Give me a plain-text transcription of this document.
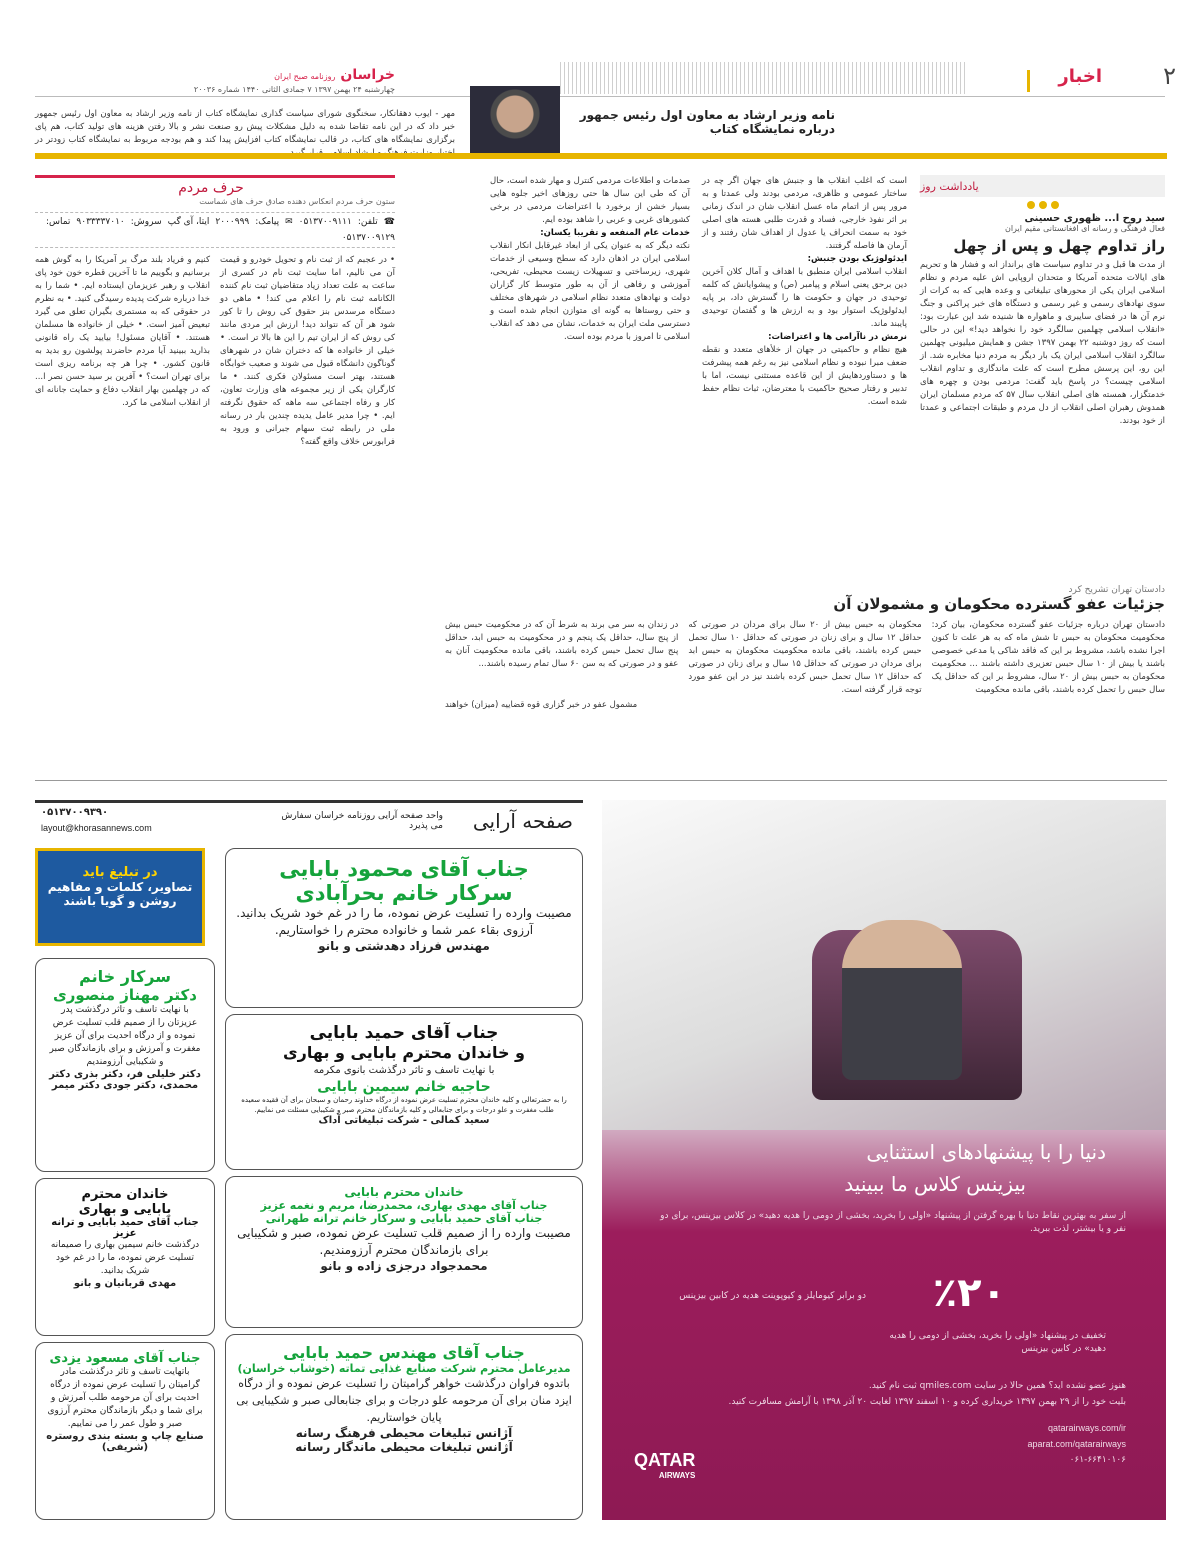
۲
اخبار
خراسان روزنامه صبح ایران
چهارشنبه ۲۴ بهمن ۱۳۹۷ ۷ جمادی الثانی ۱۴۴۰ شماره ۲۰۰۳۶
نامه وزیر ارشاد به معاون اول رئیس جمهور
درباره نمایشگاه کتاب
مهر - ایوب دهقانکار، سخنگوی شورای سیاست گذاری نمایشگاه کتاب از نامه وزیر ارشاد به معاون اول رئیس جمهور خبر داد که در این نامه تقاضا شده به دلیل مشکلات پیش رو صنعت نشر و بالا رفتن هزینه های تولید کتاب، هم پای برگزاری نمایشگاه های کتاب، در قالب نمایشگاه کتاب افزایش پیدا کند و هم بودجه مربوط به نمایشگاه کتاب زودتر در
یادداشت روز
سید روح ا... ظهوری حسینی
فعال فرهنگی و رسانه ای افغانستانی مقیم ایران
راز تداوم چهل و پس از چهل
از مدت ها قبل و در تداوم سیاست های برانداز انه و فشار ها و تحریم های ایالات متحده آمریکا و متحدان اروپایی اش علیه مردم و نظام اسلامی ایران یکی از محورهای تبلیغاتی و وعده هایی که به کرات از سوی نهادهای رسمی و غیر رسمی و دستگاه های خبر پراکنی و جنگ نرم آن ها در فضای سایبری و ماهواره ها شنیده شد این عبارت بود: «انقلاب اسلامی چهلمین سالگرد خود را نخواهد دید!» این در حالی است که روز دوشنبه ۲۲ بهمن ۱۳۹۷ جشن و همایش میلیونی چهلمین سالگرد انقلاب اسلامی ایران یک بار دیگر به مردم دنیا مخابره شد. از این رو، این پرسش مطرح است که علت ماندگاری و تداوم انقلاب اسلامی چیست؟ در پاسخ باید گفت: مردمی بودن و چهره های خدمتگزار، همسته های اصلی انقلاب سال ۵۷ که مردم مسلمان ایران همدوش رهبران اصلی انقلاب از دل مردم و طبقات اجتماعی و عمدتا از خود بودند.
است که اغلب انقلاب ها و جنبش های جهان اگر چه در ساختار عمومی و ظاهری، مردمی بودند ولی عمدتا و به مرور پس از اتمام ماه عسل انقلاب شان در اندک زمانی بر اثر نفوذ خارجی، فساد و قدرت طلبی هسته های اصلی خود به سمت انحراف یا عدول از اهداف شان رفتند و از آرمان ها فاصله گرفتند.
ایدئولوژیک بودن جنبش:
انقلاب اسلامی ایران منطبق با اهداف و آمال کلان آخرین دین برحق یعنی اسلام و پیامبر (ص) و پیشوایانش که کلمه توحیدی در جهان و حکومت ها را گسترش داد، بر پایه ایدئولوژیک استوار بود و به ارزش ها و گفتمان توحیدی پایبند ماند.
نرمش در ناآرامی ها و اعتراضات:
هیچ نظام و حاکمیتی در جهان از خلأهای متعدد و نقطه ضعف مبرا نبوده و نظام اسلامی نیز به رغم همه پیشرفت ها و دستاوردهایش از این قاعده مستثنی نیست، اما با تدبیر و رفتار صحیح حاکمیت با معترضان، ثبات نظام حفظ شده است.
صدمات و اطلاعات مردمی کنترل و مهار شده است، حال آن که طی این سال ها حتی روزهای اخیر جلوه هایی بسیار خشن از برخورد با اعتراضات مردمی در برخی کشورهای غربی و عربی را شاهد بوده ایم.
خدمات عام المنفعه و تقریبا یکسان:
نکته دیگر که به عنوان یکی از ابعاد غیرقابل انکار انقلاب اسلامی ایران در اذهان دارد که سطح وسیعی از خدمات شهری، زیرساختی و تسهیلات زیست محیطی، تفریحی، آموزشی و رفاهی از آن به طور متوسط کار گزاران دولت و نهادهای متعدد نظام اسلامی در شهرهای مختلف و حتی روستاها به گونه ای متوازن انجام شده است و دسترسی ملت ایران به خدمات، نشان می دهد که انقلاب اسلامی تا امروز با مردم بوده است.
حرف مردم
ستون حرف مردم انعکاس دهنده صادق حرف های شماست
☎
تلفن:
۰۵۱۳۷۰۰۹۱۱۱
✉
پیامک:
۲۰۰۰۹۹۹
ایتا، آی گپ
سروش:
۹۰۳۳۳۳۷۰۱۰
تماس:
۰۵۱۳۷۰۰۹۱۲۹
• در عجبم که از ثبت نام و تحویل خودرو و قیمت آن می نالیم، اما سایت ثبت نام در کسری از ساعت به علت تعداد زیاد متقاضیان ثبت نام کننده الکانامه ثبت نام را اعلام می کند! • ماهی دو دستگاه مرسدس بنز حقوق کی روش را تا کور شود هر آن که نتواند دید! ارزش ایر مردی مانند کی روش که از ایران تیم را این ها بالا تر است. • خیلی از خانواده ها که دختران شان در شهرهای گوناگون دانشگاه قبول می شوند و صعیب خوابگاه هستند، بهتر است مسئولان فکری کنند. • ما کارگران یکی از زیر مجموعه های وزارت تعاون، کار و رفاه اجتماعی سه ماهه که حقوق نگرفته ایم. • چرا مدیر عامل یدیده چندین بار در رسانه ملی در رابطه ثبت سهام جبرانی و ورود به فرابورس خلاف واقع گفته؟
کنیم و فریاد بلند مرگ بر آمریکا را به گوش همه برسانیم و بگوییم ما تا آخرین قطره خون خود پای انقلاب و رهبر عزیزمان ایستاده ایم. • شما را به خدا درباره شرکت پدیده رسیدگی کنید. • به نظرم در حقوقی که به مستمری بگیران تعلق می گیرد تبعیض آمیز است. • خیلی از خانواده ها مسلمان هستند. • آقایان مسئول! بیایید یک راه قانونی بذارید ببینید آیا مردم حاضرند پولشون رو بدید به قانون کشور. • چرا هر چه برنامه ریزی است برای تهران است؟ • آفرین بر سید حسن نصر ا... که در چهلمین بهار انقلاب دفاع و حمایت جانانه ای از انقلاب اسلامی ما کرد.
دادستان تهران تشریح کرد
جزئیات عفو گسترده محکومان و مشمولان آن
دادستان تهران درباره جزئیات عفو گسترده محکومان، بیان کرد: محکومیت محکومان به حبس تا شش ماه که به هر علت تا کنون اجرا نشده باشد، مشروط بر این که فاقد شاکی یا مدعی خصوصی باشند یا بیش از ۱۰ سال حبس تعزیری داشته باشند ... محکومیت محکومان به حبس بیش از ۲۰ سال، مشروط بر این که حداقل یک سال حبس را تحمل کرده باشند، باقی مانده محکومیت
محکومان به حبس بیش از ۲۰ سال برای مردان در صورتی که حداقل ۱۲ سال و برای زنان در صورتی که حداقل ۱۰ سال تحمل حبس کرده باشند، باقی مانده محکومیت محکومان به حبس ابد برای مردان در صورتی که حداقل ۱۵ سال و برای زنان در صورتی که حداقل ۱۲ سال تحمل حبس کرده باشند نیز در این عفو مورد توجه قرار گرفته است.
در زندان به سر می برند به شرط آن که در محکومیت حبس بیش از پنج سال، حداقل یک پنجم و در محکومیت به حبس ابد، حداقل پنج سال تحمل حبس کرده باشند، باقی مانده محکومیت آنان به عفو و در صورتی که به سن ۶۰ سال تمام رسیده باشند...
مشمول عفو در خبر گزاری قوه قضاییه (میزان) خواهند
دنیا را با پیشنهادهای استثنایی
بیزینس کلاس ما ببینید
از سفر به بهترین نقاط دنیا با بهره گرفتن از پیشنهاد «اولی را بخرید، بخشی از دومی را هدیه دهید» در کلاس بیزینس، برای دو نفر و یا بیشتر، لذت ببرید.
٪۲۰
تخفیف در پیشنهاد «اولی را بخرید، بخشی از دومی را هدیه دهید» در کابین بیزینس
دو برابر کیومایلز و کیوپوینت هدیه در کابین بیزینس
هنوز عضو نشده اید؟ همین حالا در سایت qmiles.com ثبت نام کنید.
بلیت خود را از ۲۹ بهمن ۱۳۹۷ خریداری کرده و ۱۰ اسفند ۱۳۹۷ لغایت ۲۰ آذر ۱۳۹۸ با آرامش مسافرت کنید.
qatarairways.com/ir
aparat.com/qatarairways
۰۶۱-۶۶۴۱۰۱۰۶
QATAR
AIRWAYS
صفحه آرایی
واحد صفحه آرایی روزنامه خراسان سفارش می پذیرد
۰۵۱۳۷۰۰۹۳۹۰
layout@khorasannews.com
در تبلیغ باید
تصاویر، کلمات و مفاهیم
روشن و گویا باشند
جناب آقای محمود بابایی
سرکار خانم بحرآبادی
مصیبت وارده را تسلیت عرض نموده، ما را در غم خود شریک بدانید. آرزوی بقاء عمر شما و خانواده محترم را خواستاریم.
مهندس فرزاد دهدشتی و بانو
جناب آقای حمید بابایی
و خاندان محترم بابایی و بهاری
با نهایت تاسف و تاثر درگذشت بانوی مکرمه
حاجیه خانم سیمین بابایی
را به حضرتعالی و کلیه خاندان محترم تسلیت عرض نموده از درگاه خداوند رحمان و سبحان برای آن فقیده سعیده طلب مغفرت و علو درجات و برای جنابعالی و کلیه بازماندگان محترم صبر و شکیبایی مسئلت می نماییم.
سعید کمالی - شرکت تبلیغاتی آداک
خاندان محترم بابایی
جناب آقای مهدی بهاری، محمدرضا، مریم و نغمه عزیز
جناب آقای حمید بابایی و سرکار خانم ترانه طهرانی
مصیبت وارده را از صمیم قلب تسلیت عرض نموده، صبر و شکیبایی برای بازماندگان محترم آرزومندیم.
محمدجواد درجزی زاده و بانو
جناب آقای مهندس حمید بابایی
مدیرعامل محترم شرکت صنایع غذایی تماته (خوشاب خراسان)
باتدوه فراوان درگذشت خواهر گرامیتان را تسلیت عرض نموده و از درگاه ایزد منان برای آن مرحومه علو درجات و برای جنابعالی صبر و شکیبایی بی پایان خواستاریم.
آژانس تبلیغات محیطی فرهنگ رسانه
آژانس تبلیغات محیطی ماندگار رسانه
سرکار خانم
دکتر مهناز منصوری
با نهایت تاسف و تاثر درگذشت پدر عزیزتان را از صمیم قلب تسلیت عرض نموده و از درگاه احدیت برای آن عزیز مغفرت و آمرزش و برای بازماندگان صبر و شکیبایی آرزومندیم
دکتر خلیلی فر، دکتر بذری دکتر محمدی، دکتر جودی دکتر میمر
خاندان محترم
بابایی و بهاری
جناب آقای حمید بابایی و ترانه عزیز
درگذشت خانم سیمین بهاری را صمیمانه تسلیت عرض نموده، ما را در غم خود شریک بدانید.
مهدی قربانیان و بانو
جناب آقای مسعود یزدی
باتهایت تاسف و تاثر درگذشت مادر گرامیتان را تسلیت عرض نموده از درگاه احدیت برای آن مرحومه طلب آمرزش و برای شما و دیگر بازماندگان محترم آرزوی صبر و طول عمر را می نماییم.
صنایع چاپ و بسته بندی روستره (شریفی)
